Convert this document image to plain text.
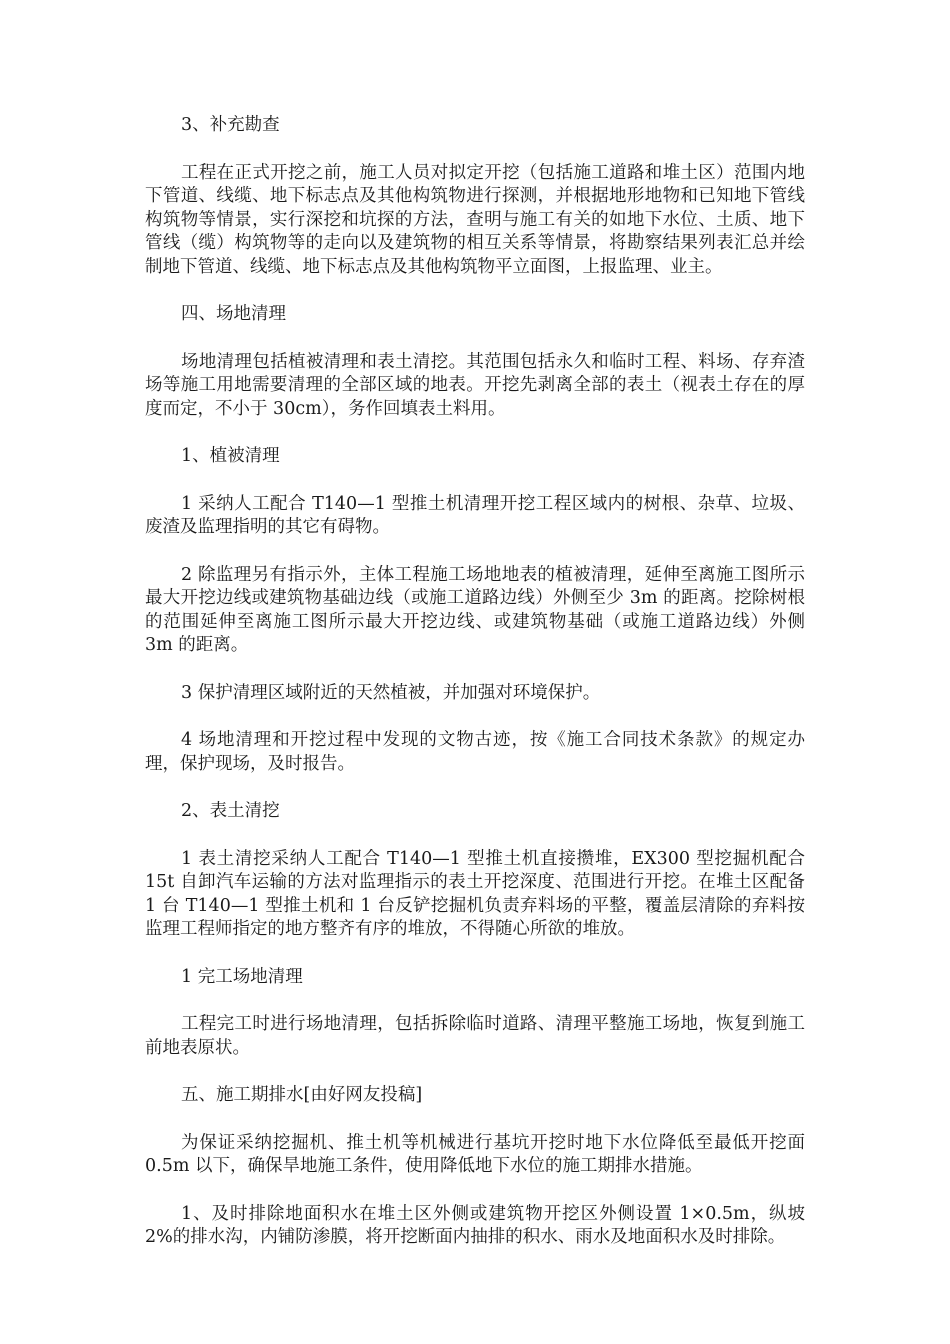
3、补充勘查

工程在正式开挖之前，施工人员对拟定开挖（包括施工道路和堆土区）范围内地下管道、线缆、地下标志点及其他构筑物进行探测，并根据地形地物和已知地下管线构筑物等情景，实行深挖和坑探的方法，查明与施工有关的如地下水位、土质、地下管线（缆）构筑物等的走向以及建筑物的相互关系等情景，将勘察结果列表汇总并绘制地下管道、线缆、地下标志点及其他构筑物平立面图，上报监理、业主。

四、场地清理

场地清理包括植被清理和表土清挖。其范围包括永久和临时工程、料场、存弃渣场等施工用地需要清理的全部区域的地表。开挖先剥离全部的表土（视表土存在的厚度而定，不小于 30cm），务作回填表土料用。

1、植被清理

1 采纳人工配合 T140—1 型推土机清理开挖工程区域内的树根、杂草、垃圾、废渣及监理指明的其它有碍物。

2 除监理另有指示外，主体工程施工场地地表的植被清理，延伸至离施工图所示最大开挖边线或建筑物基础边线（或施工道路边线）外侧至少 3m 的距离。挖除树根的范围延伸至离施工图所示最大开挖边线、或建筑物基础（或施工道路边线）外侧 3m 的距离。

3 保护清理区域附近的天然植被，并加强对环境保护。

4 场地清理和开挖过程中发现的文物古迹，按《施工合同技术条款》的规定办理，保护现场，及时报告。

2、表土清挖

1 表土清挖采纳人工配合 T140—1 型推土机直接攒堆，EX300 型挖掘机配合 15t 自卸汽车运输的方法对监理指示的表土开挖深度、范围进行开挖。在堆土区配备 1 台 T140—1 型推土机和 1 台反铲挖掘机负责弃料场的平整，覆盖层清除的弃料按监理工程师指定的地方整齐有序的堆放，不得随心所欲的堆放。

1 完工场地清理

工程完工时进行场地清理，包括拆除临时道路、清理平整施工场地，恢复到施工前地表原状。

五、施工期排水[由好网友投稿]

为保证采纳挖掘机、推土机等机械进行基坑开挖时地下水位降低至最低开挖面 0.5m 以下，确保旱地施工条件，使用降低地下水位的施工期排水措施。

1、及时排除地面积水在堆土区外侧或建筑物开挖区外侧设置 1×0.5m，纵坡 2%的排水沟，内铺防渗膜，将开挖断面内抽排的积水、雨水及地面积水及时排除。
